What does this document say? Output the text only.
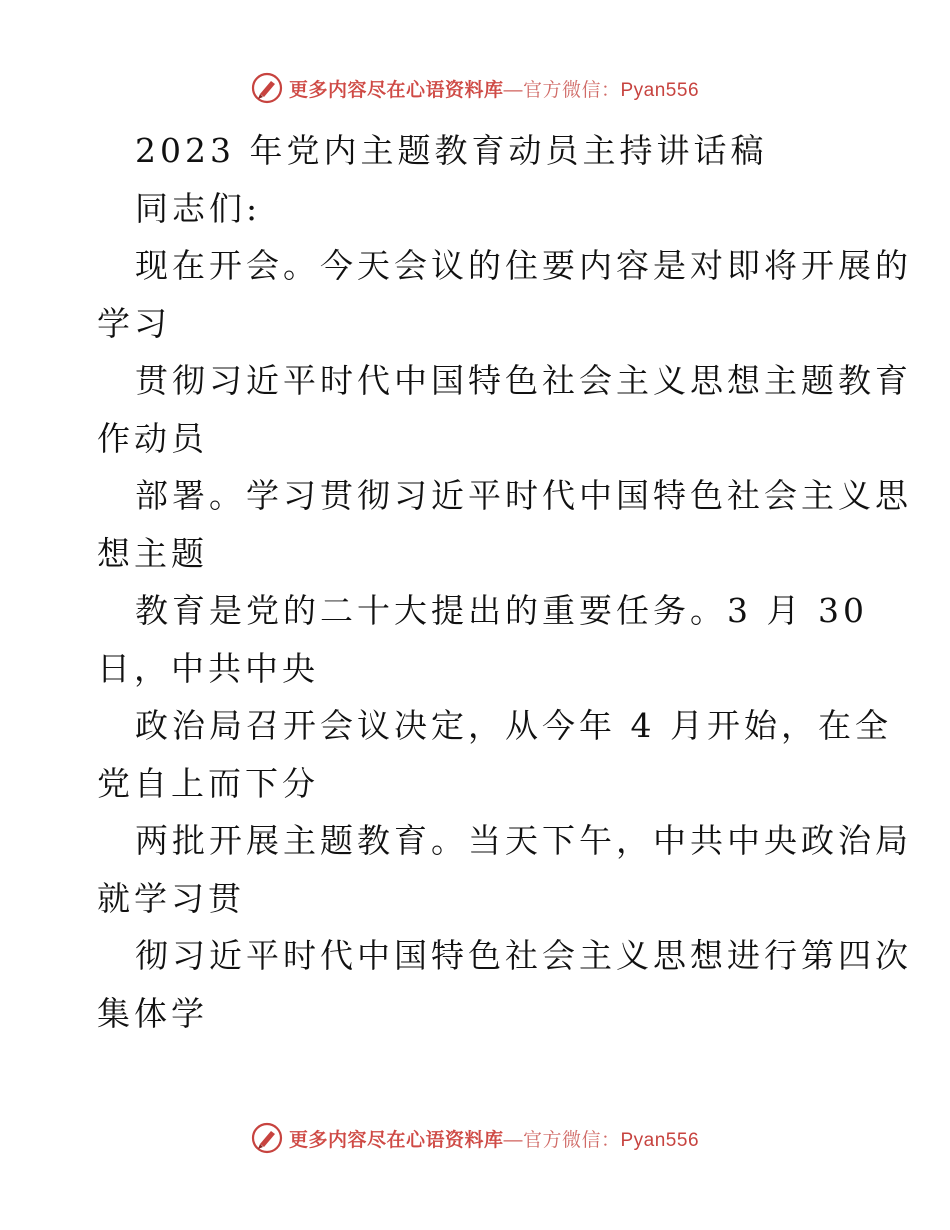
更多内容尽在心语资料库—官方微信：Pyan556
2023 年党内主题教育动员主持讲话稿
同志们:
现在开会。今天会议的住要内容是对即将开展的
学习
贯彻习近平时代中国特色社会主义思想主题教育
作动员
部署。学习贯彻习近平时代中国特色社会主义思
想主题
教育是党的二十大提出的重要任务。3 月 30
日，中共中央
政治局召开会议决定，从今年 4 月开始，在全
党自上而下分
两批开展主题教育。当天下午，中共中央政治局
就学习贯
彻习近平时代中国特色社会主义思想进行第四次
集体学
更多内容尽在心语资料库—官方微信：Pyan556
